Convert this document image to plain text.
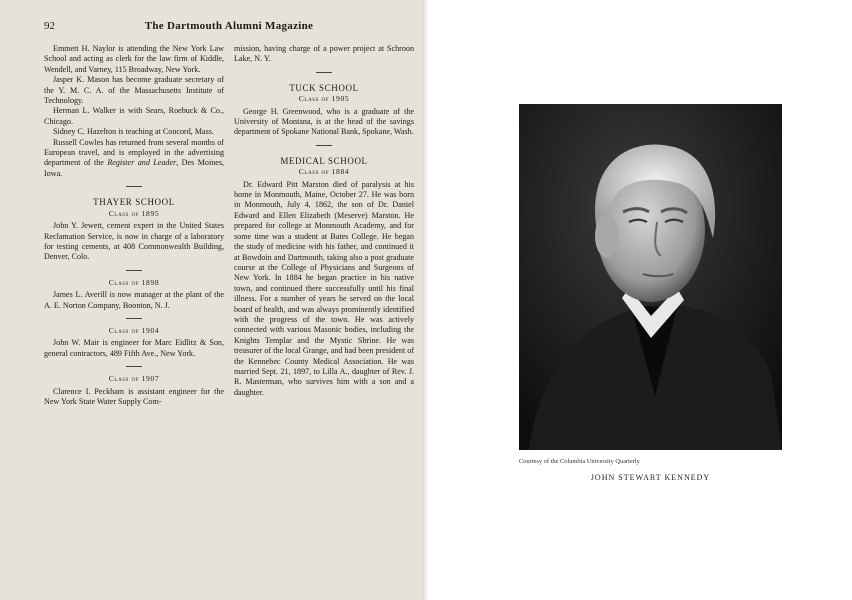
92	The Dartmouth Alumni Magazine

Emmett H. Naylor is attending the New York Law School and acting as clerk for the law firm of Kiddle, Wendell, and Varney, 115 Broadway, New York.

Jasper K. Mason has become graduate secretary of the Y. M. C. A. of the Massachusetts Institute of Technology.

Herman L. Walker is with Sears, Roebuck & Co., Chicago.

Sidney C. Hazelton is teaching at Concord, Mass.

Russell Cowles has returned from several months of European travel, and is employed in the advertising department of the Register and Leader, Des Moines, Iowa.

THAYER SCHOOL
Class of 1895

John Y. Jewett, cement expert in the United States Reclamation Service, is now in charge of a laboratory for testing cements, at 408 Commonwealth Building, Denver, Colo.

Class of 1898

James L. Averill is now manager at the plant of the A. E. Norton Company, Boonton, N. J.

Class of 1904

John W. Mair is engineer for Marc Eidlitz & Son, general contractors, 489 Fifth Ave., New York.

Class of 1907

Clarence I. Peckham is assistant engineer for the New York State Water Supply Com-

mission, having charge of a power project at Schroon Lake, N. Y.

TUCK SCHOOL
Class of 1905

George H. Greenwood, who is a graduate of the University of Montana, is at the head of the savings department of Spokane National Bank, Spokane, Wash.

MEDICAL SCHOOL
Class of 1884

Dr. Edward Pitt Marston died of paralysis at his home in Monmouth, Maine, October 27. He was born in Monmouth, July 4, 1862, the son of Dr. Daniel Edward and Ellen Elizabeth (Meserve) Marston. He prepared for college at Monmouth Academy, and for some time was a student at Bates College. He began the study of medicine with his father, and continued it at Bowdoin and Dartmouth, taking also a post graduate course at the College of Physicians and Surgeons of New York. In 1884 he began practice in his native town, and continued there successfully until his final illness. For a number of years he served on the local board of health, and was always prominently identified with the progress of the town. He was actively connected with various Masonic bodies, including the Knights Templar and the Mystic Shrine. He was treasurer of the local Grange, and had been president of the Kennebec County Medical Association. He was married Sept. 21, 1897, to Lilla A., daughter of Rev. J. R. Masterman, who survives him with a son and a daughter.

Courtesy of the Columbia University Quarterly
JOHN STEWART KENNEDY
